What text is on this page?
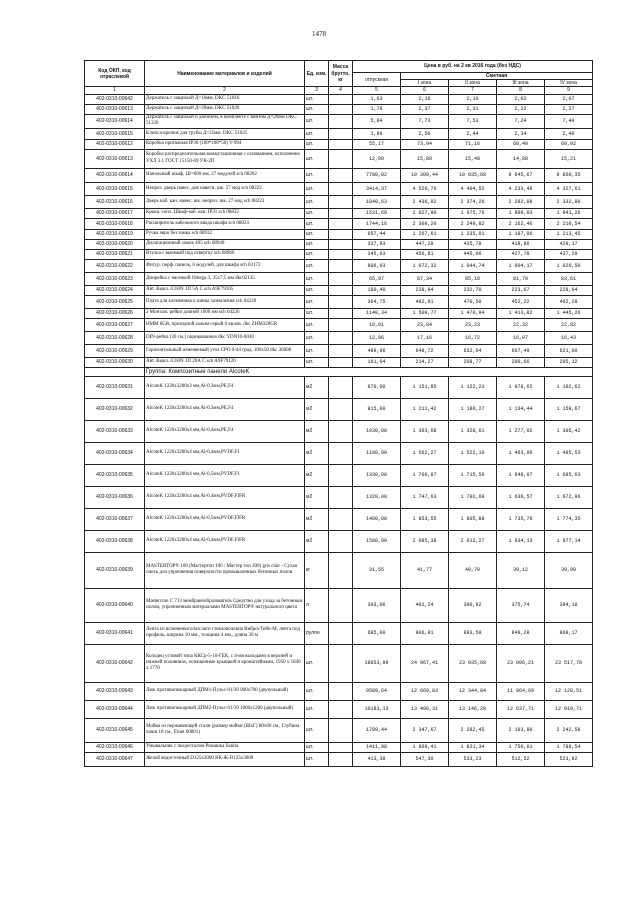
1478
Код ОКП, код отраслевой	Наименование материалов и изделий	Ед. изм.	Масса брутто, кг	Цена в руб. на 2 кв 2016 года (без НДС)				
				отпускная	Сметная			
					I зона	II зона	III зона	IV зона
1	2	3	4	5	6	7	8	9
402-0310-00642	Держатель с защелкой Д=16мм, DKC 51016	шт.		1,63	2,16	2,10	2,02	2,07
402-0310-00613	Держатель с защелкой Д=20мм, DKC 51020	шт.		1,79	2,37	2,31	2,22	2,27
402-0310-00614	Держатель с защелкой и дюбелем, в комплекте с винтом Д=20мм DKC 51320	шт.		5,84	7,73	7,53	7,24	7,40
402-0310-00615	Клипса-крепеж для трубы Д=25мм. DKC 51025	шт.		1,89	2,50	2,44	2,34	2,40
402-0310-00612	Коробка протяжная IP30 (100*100*50) V-994	шт.		55,17	73,04	71,16	68,40	69,92
402-0310-00613	Коробка распределительная коммутационная с основанием, исполнение УХЛ 3.1 ГОСТ 15150-69 УК-2П	шт.		12,00	15,89	15,48	14,88	15,21
402-0310-00614	Напольный шкаф, Ш=600 мм, 27 модулей sch 08202	шт.		7780,02	10 300,44	10 035,68	9 645,67	9 860,35
402-0310-00615	Непроз. дверь навес. для навесн. шк. 27 мод sch 08222	шт.		3414,37	4 520,76	4 404,52	4 233,48	4 327,61
402-0310-00616	Дверь каб. кан. навес. шк. непроз. шк. 27 мод sch 08223	шт.		1840,63	2 436,92	2 374,26	2 282,08	2 332,80
402-0310-00617	Крыш. сопл. Шкаф-каб. кан. IP31 sch 08832	шт.		1531,69	2 027,90	1 975,76	1 899,03	1 941,26
402-0310-00618	Расширитель кабельного ввода шкафа sch 08824	шт.		1744,16	2 309,20	2 249,82	2 162,46	2 210,54
402-0310-00619	Ручка евро без замка sch 08932	шт.		957,44	1 267,61	1 235,01	1 187,06	1 213,45
402-0310-00620	Дилатационный замок 405 sch 08940	шт.		337,83	447,28	435,78	418,86	428,17
402-0310-00621	Втулка с выемкой под отвертку sch 08966	шт.		345,03	456,81	445,06	427,78	437,29
402-0310-00622	Фигур. перф. панель, 6 модулей, для шкафа sch 03172	шт.		806,93	1 072,32	1 044,74	1 004,17	1 026,50
402-0310-00623	Динрейка с насечкой Omega 3, 35x7,5 мм dkc02135	шт.		65,97	87,34	85,10	81,79	83,61
402-0310-00624	Авт. Выкл. iC60N 1П 5А С sch A9F79105	шт.		180,40	238,84	232,70	223,67	228,64
402-0310-00625	Плата для клеммника к шины заземления sch 04220	шт.		364,75	482,91	470,50	452,22	462,28
402-0310-00626	2 Монтаж. рейки длиной 1600 мм sch 04226	шт.		1140,34	1 509,77	1 470,94	1 413,82	1 445,26
402-0310-00627	НММ 6GR, проходной зажим серый 6 кв.мм. dkc ZHM320GR	шт.		18,01	23,84	23,23	22,32	22,82
402-0310-00628	DIN-рейка (30 см.) оцинкованная dkc YDN10-0030	шт.		12,96	17,16	16,72	16,07	16,43
402-0310-00629	Горизонтальный изменяемый угол CPO 0-44 град. 100x50 dkc 36008	шт.		489,96	648,72	632,04	607,49	621,00
402-0310-00630	Авт. Выкл. iC60N 1П 20А С sch A9F79120	шт.		161,64	214,27	208,77	200,66	205,12
	Группа: Композитные панели AlcoteK							
402-0310-00631	AlcoteK 1220x3200x3 мм,Al-0,3мм,PE,F4	м2		870,00	1 151,85	1 122,23	1 078,65	1 102,62
402-0310-00632	AlcoteK 1220x3200x4 мм,Al-0,3мм,PE,F4	м2		915,00	1 211,42	1 180,27	1 134,44	1 159,67
402-0310-00633	AlcoteK 1220x3200x4 мм,Al-0,4мм,PE,F4	м2		1030,00	1 363,68	1 328,61	1 277,02	1 305,42
402-0310-00634	AlcoteK 1220x3200x4 мм,Al-0,4мм,PVDF,F1	м2		1180,00	1 562,27	1 522,10	1 463,00	1 495,53
402-0310-00635	AlcoteK 1220x3200x4 мм,Al-0,5мм,PVDF,F1	м2		1330,00	1 760,87	1 715,59	1 648,97	1 685,63
402-0310-00636	AlcoteK 1220x3200x4 мм,Al-0,4мм,PVDF,FIFR	м2		1320,00	1 747,63	1 702,69	1 636,57	1 672,96
402-0310-00637	AlcoteK 1220x3200x4 мм,Al-0,5мм,PVDF,FIFR	м2		1400,00	1 853,55	1 805,88	1 735,76	1 774,35
402-0310-00638	AlcoteK 1220x3200x4 мм,Al-0,4мм,PVDF,FIFR	м2		1500,00	2 085,38	2 012,27	1 934,13	1 977,14
402-0310-00639	MASTERTOP® 100 (Мастертоп 100 / Мастер топ 200) gris clair - Сухая смесь для упрочнения поверхности промышленных бетонных полов	кг		31,55	41,77	40,70	39,12	39,99
402-0310-00640	Mastercure С 713 мембранообразователь Средство для ухода за бетонным полом, упрочненным материалами MASTERTOP® натурального цвета	л		303,06	401,24	390,92	375,74	384,10
402-0310-00641	Лента из вспененного/кислого стекловолокна ВибросТейп-М, лента под профиль, ширина 10 мм., толщина 4 мм., длина 30 м	рулон		685,00	906,91	883,59	849,28	868,17
402-0310-00642	Колодец угловой типа ККСр-5-10-ГЕК, с 4-мя выходами в верхней и нижней половинах, оснащенные крышкой и кронштейнами, 1950 x 1840 x 1770	шт.		18853,99	24 967,41	23 935,68	23 006,21	23 517,78
402-0310-00643	Люк противопожарный ДПМ1-Пульс-01/30 900х700 (двупольный)	шт.		9589,64	12 669,83	12 344,04	11 864,69	12 128,51
402-0310-00644	Люк противопожарный ДПМ2-Пульс-01/30 1000x1200 (двупольный)	шт.		10183,13	13 490,31	13 146,29	12 637,71	12 919,71
402-0310-00645	Мойка из нержавеющей стали (размер мойки (ШхГ) 80х60 см., Глубина чаши 18 см., Elnet 60801)	шт.		1789,44	2 347,67	2 282,45	2 193,80	2 242,58
402-0310-00646	Умывальник с пьедесталом Ромашка Sanita	шт.		1411,98	1 869,41	1 821,34	1 750,61	1 789,54
402-0310-00647	Желоб водосточный D125х3000 ВК-Ж-D125х3000	шт.		413,38	547,30	533,23	512,52	523,92
